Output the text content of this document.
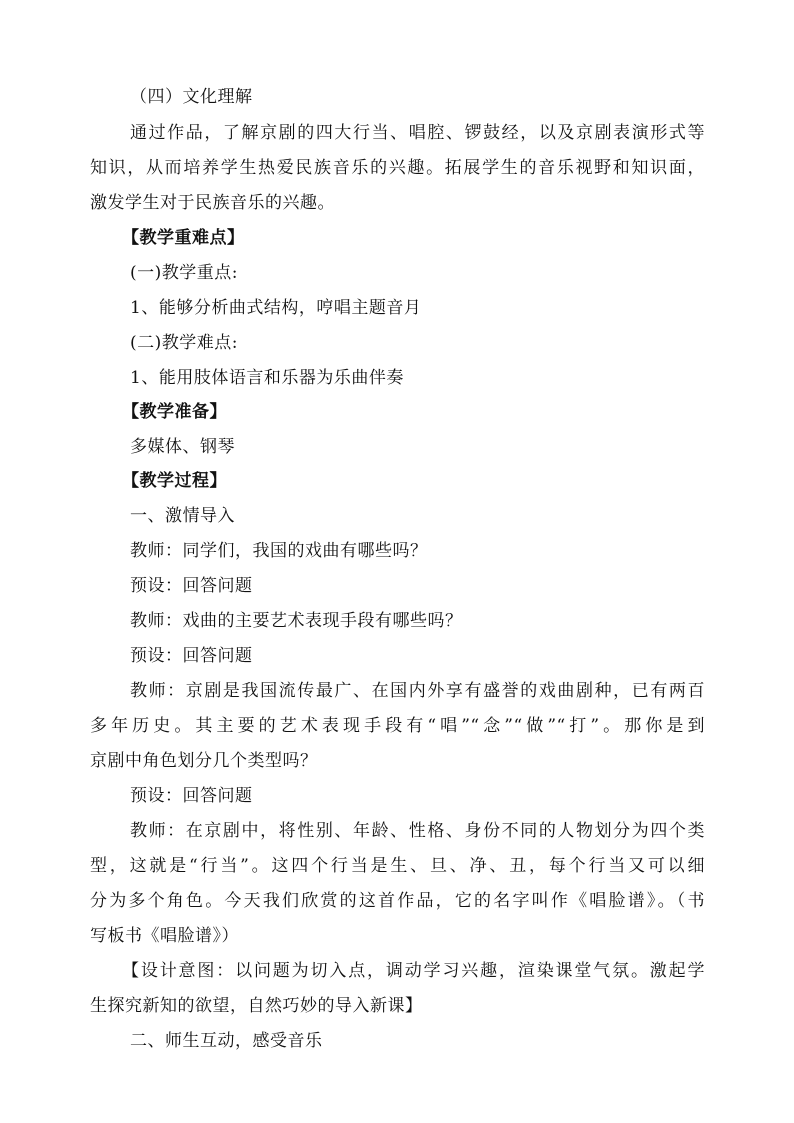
（四）文化理解
通过作品，了解京剧的四大行当、唱腔、锣鼓经，以及京剧表演形式等
知识，从而培养学生热爱民族音乐的兴趣。拓展学生的音乐视野和知识面，
激发学生对于民族音乐的兴趣。
【教学重难点】
(一)教学重点:
1、能够分析曲式结构，哼唱主题音月
(二)教学难点:
1、能用肢体语言和乐器为乐曲伴奏
【教学准备】
多媒体、钢琴
【教学过程】
一、激情导入
教师：同学们，我国的戏曲有哪些吗？
预设：回答问题
教师：戏曲的主要艺术表现手段有哪些吗？
预设：回答问题
教师：京剧是我国流传最广、在国内外享有盛誉的戏曲剧种，已有两百
多年历史。其主要的艺术表现手段有“唱”“念”“做”“打”。那你是到
京剧中角色划分几个类型吗？
预设：回答问题
教师：在京剧中，将性别、年龄、性格、身份不同的人物划分为四个类
型，这就是“行当”。这四个行当是生、旦、净、丑，每个行当又可以细
分为多个角色。今天我们欣赏的这首作品，它的名字叫作《唱脸谱》。（书
写板书《唱脸谱》）
【设计意图：以问题为切入点，调动学习兴趣，渲染课堂气氛。激起学
生探究新知的欲望，自然巧妙的导入新课】
二、师生互动，感受音乐
